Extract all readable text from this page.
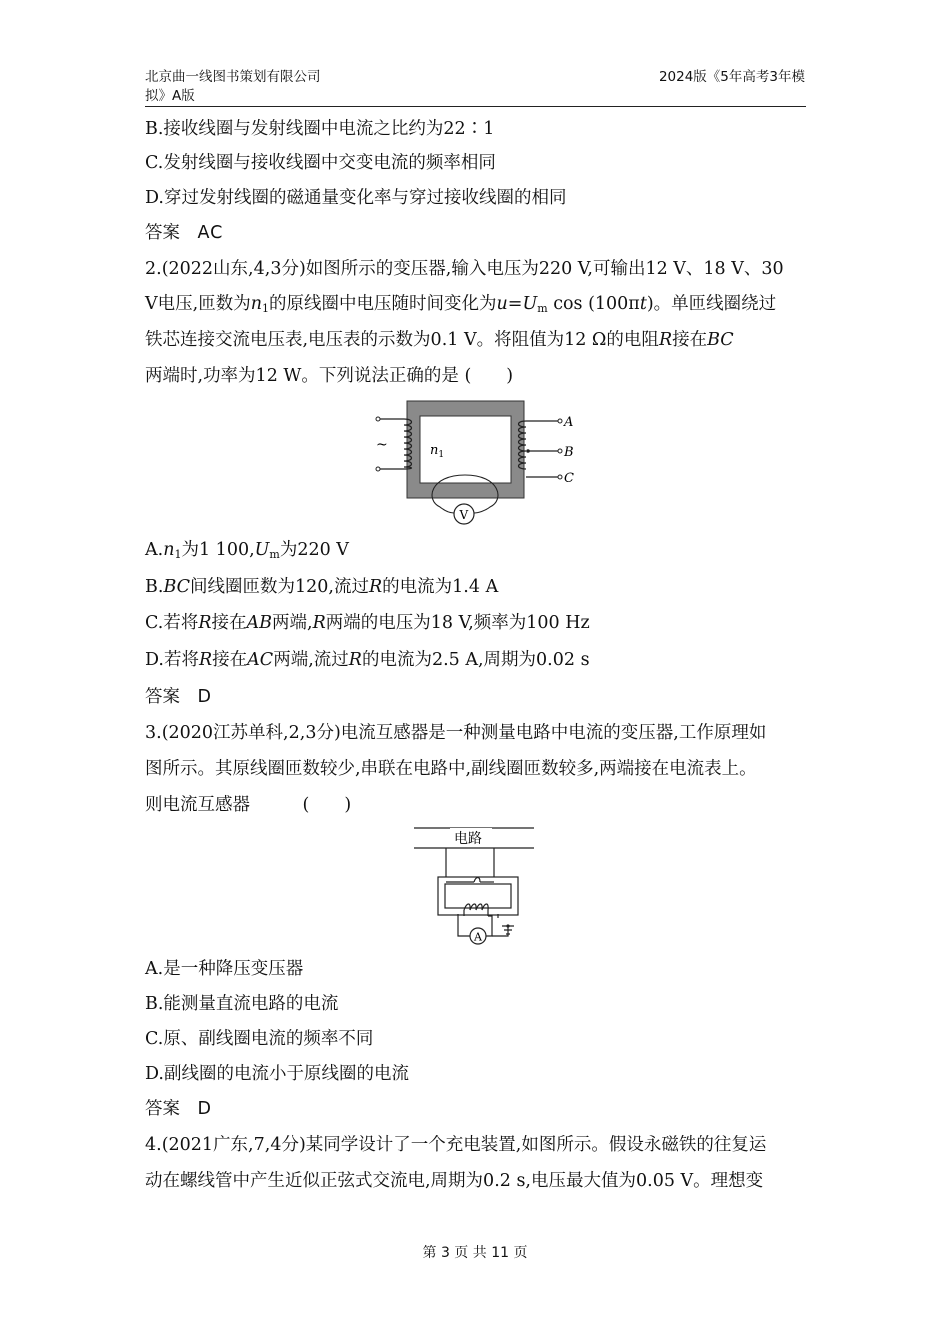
北京曲一线图书策划有限公司	2024版《5年高考3年模
拟》A版
B.接收线圈与发射线圈中电流之比约为22∶1
C.发射线圈与接收线圈中交变电流的频率相同
D.穿过发射线圈的磁通量变化率与穿过接收线圈的相同
答案　 AC
2.(2022山东,4,3分)如图所示的变压器,输入电压为220 V,可输出12 V、18 V、30
V电压,匝数为$n_1$的原线圈中电压随时间变化为$u=U_m$ cos (100πt)。单匝线圈绕过
铁芯连接交流电压表,电压表的示数为0.1 V。将阻值为12 Ω的电阻R接在BC
两端时,功率为12 W。下列说法正确的是 (　　)
~	$n_1$
A
B
C
V
$A.n_1$为1 $100,U_m$为220 V
B.BC间线圈匝数为120,流过R的电流为1.4 A
C.若将R接在AB两端,R两端的电压为18 V,频率为100 Hz
D.若将R接在AC两端,流过R的电流为2.5 A,周期为0.02 s
答案　 D
3.(2020江苏单科,2,3分)电流互感器是一种测量电路中电流的变压器,工作原理如
图所示。其原线圈匝数较少,串联在电路中,副线圈匝数较多,两端接在电流表上。
则电流互感器　　　(　　)
电路
A
A.是一种降压变压器
B.能测量直流电路的电流
C.原、副线圈电流的频率不同
D.副线圈的电流小于原线圈的电流
答案　 D
4.(2021广东,7,4分)某同学设计了一个充电装置,如图所示。假设永磁铁的往复运
动在螺线管中产生近似正弦式交流电,周期为0.2 s,电压最大值为0.05 V。理想变
第 3 页 共 11 页
